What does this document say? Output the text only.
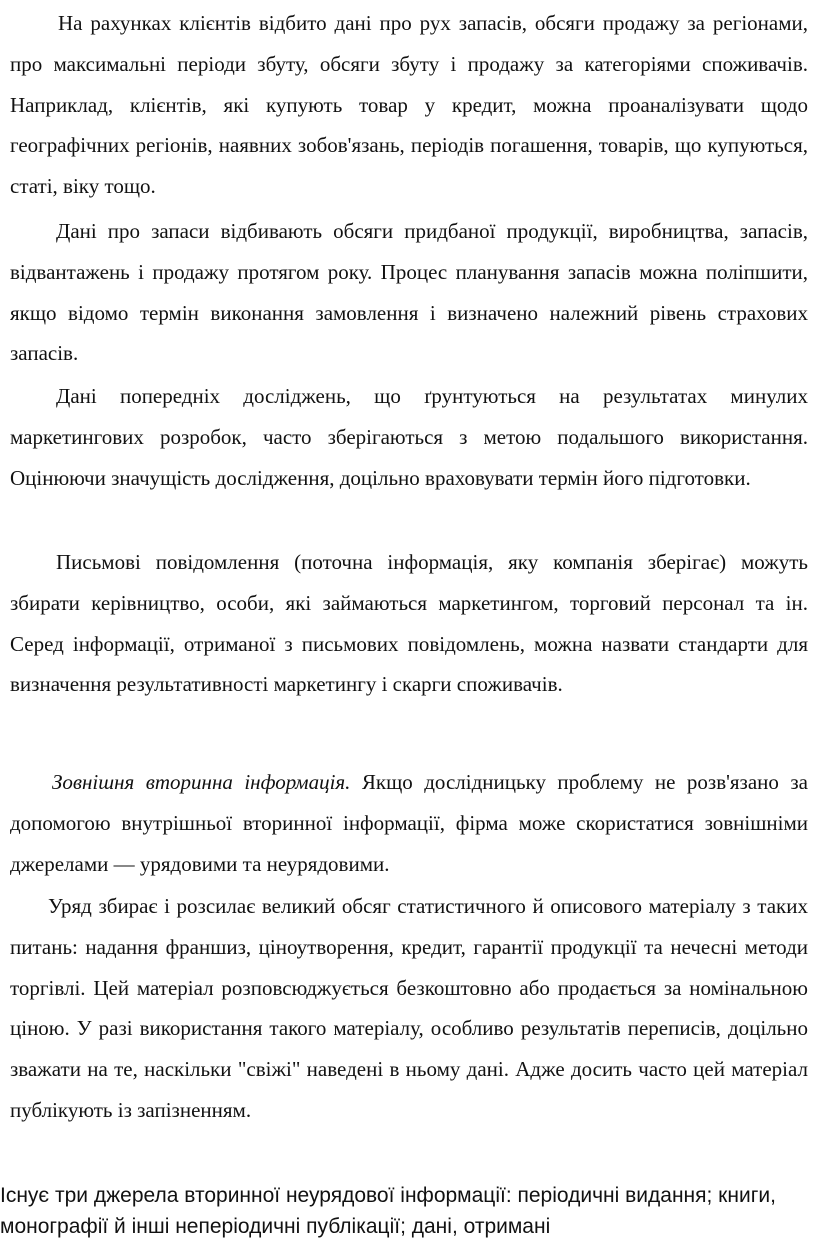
На рахунках клієнтів відбито дані про рух запасів, обсяги продажу за регіонами, про максимальні періоди збуту, обсяги збуту і продажу за категоріями споживачів. Наприклад, клієнтів, які купують товар у кредит, можна проаналізувати щодо географічних регіонів, наявних зобов'язань, періодів погашення, товарів, що купуються, статі, віку тощо.

Дані про запаси відбивають обсяги придбаної продукції, виробництва, запасів, відвантажень і продажу протягом року. Процес планування запасів можна поліпшити, якщо відомо термін виконання замовлення і визначено належний рівень страхових запасів.

Дані попередніх досліджень, що ґрунтуються на результатах минулих маркетингових розробок, часто зберігаються з метою подальшого використання. Оцінюючи значущість дослідження, доцільно враховувати термін його підготовки.

Письмові повідомлення (поточна інформація, яку компанія зберігає) можуть збирати керівництво, особи, які займаються маркетингом, торговий персонал та ін. Серед інформації, отриманої з письмових повідомлень, можна назвати стандарти для визначення результативності маркетингу і скарги споживачів.

Зовнішня вторинна інформація. Якщо дослідницьку проблему не розв'язано за допомогою внутрішньої вторинної інформації, фірма може скористатися зовнішніми джерелами — урядовими та неурядовими.

Уряд збирає і розсилає великий обсяг статистичного й описового матеріалу з таких питань: надання франшиз, ціноутворення, кредит, гарантії продукції та нечесні методи торгівлі. Цей матеріал розповсюджується безкоштовно або продається за номінальною ціною. У разі використання такого матеріалу, особливо результатів переписів, доцільно зважати на те, наскільки "свіжі" наведені в ньому дані. Адже досить часто цей матеріал публікують із запізненням.

Існує три джерела вторинної неурядової інформації: періодичні видання; книги, монографії й інші неперіодичні публікації; дані, отримані
